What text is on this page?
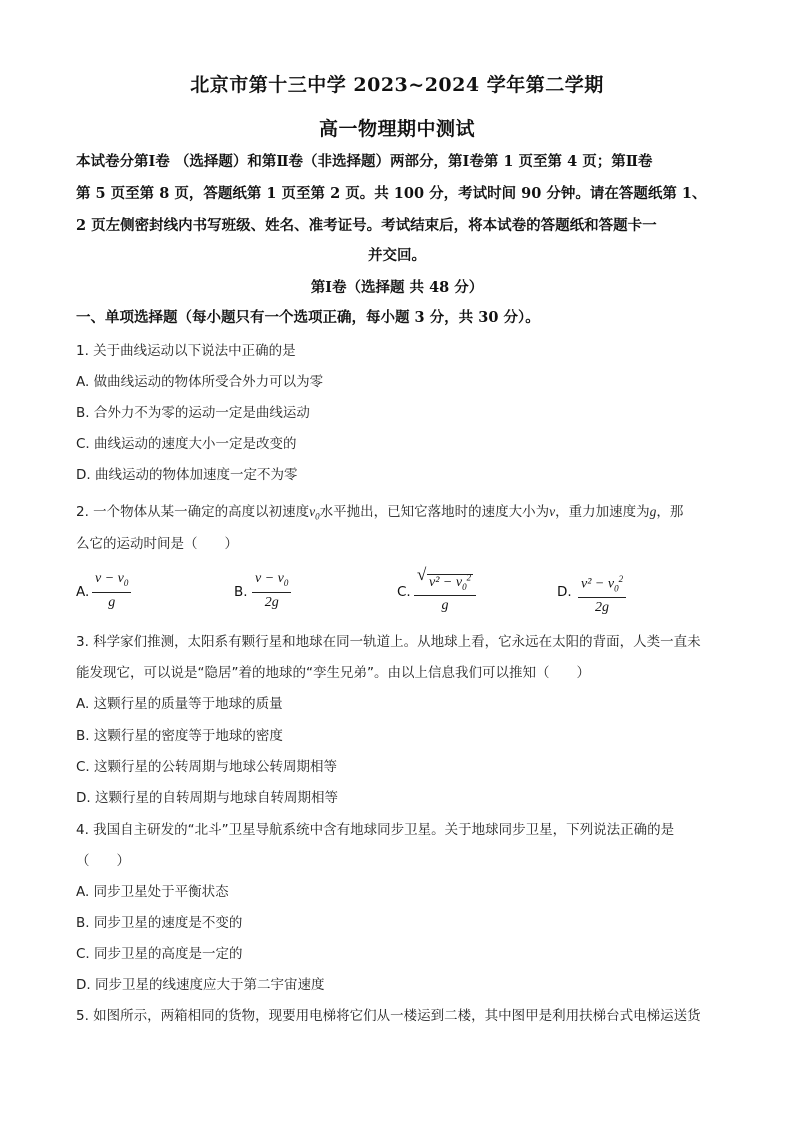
北京市第十三中学 2023~2024 学年第二学期
高一物理期中测试
本试卷分第Ⅰ卷 （选择题）和第Ⅱ卷（非选择题）两部分，第Ⅰ卷第 1 页至第 4 页；第Ⅱ卷
第 5 页至第 8 页，答题纸第 1 页至第 2 页。共 100 分，考试时间 90 分钟。请在答题纸第 1、
2 页左侧密封线内书写班级、姓名、准考证号。考试结束后，将本试卷的答题纸和答题卡一
并交回。
第Ⅰ卷（选择题 共 48 分）
一、单项选择题（每小题只有一个选项正确，每小题 3 分，共 30 分）。
1. 关于曲线运动以下说法中正确的是
A. 做曲线运动的物体所受合外力可以为零
B. 合外力不为零的运动一定是曲线运动
C. 曲线运动的速度大小一定是改变的
D. 曲线运动的物体加速度一定不为零
2. 一个物体从某一确定的高度以初速度$v_0$水平抛出，已知它落地时的速度大小为v，重力加速度为g，那
么它的运动时间是（　　）
A. $\frac{v - v_0}{g}$	B. $\frac{v - v_0}{2g}$	C. $\frac{√ v^2 - v_0^2}{g}$	D. $\frac{v^2 - v_0^2}{2g}$
3. 科学家们推测，太阳系有颗行星和地球在同一轨道上。从地球上看，它永远在太阳的背面，人类一直未
能发现它，可以说是“隐居”着的地球的“孪生兄弟”。由以上信息我们可以推知（　　）
A. 这颗行星的质量等于地球的质量
B. 这颗行星的密度等于地球的密度
C. 这颗行星的公转周期与地球公转周期相等
D. 这颗行星的自转周期与地球自转周期相等
4. 我国自主研发的“北斗”卫星导航系统中含有地球同步卫星。关于地球同步卫星，下列说法正确的是
（　　）
A. 同步卫星处于平衡状态
B. 同步卫星的速度是不变的
C. 同步卫星的高度是一定的
D. 同步卫星的线速度应大于第二宇宙速度
5. 如图所示，两箱相同的货物，现要用电梯将它们从一楼运到二楼，其中图甲是利用扶梯台式电梯运送货
